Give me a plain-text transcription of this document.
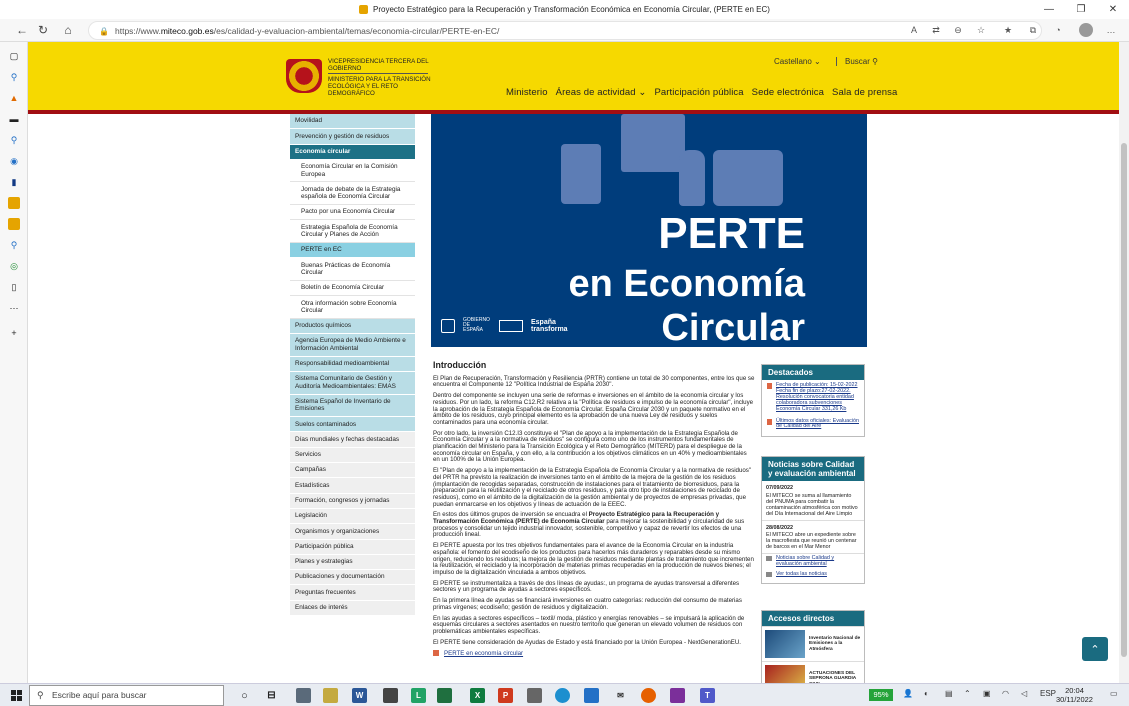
Proyecto Estratégico para la Recuperación y Transformación Económica en Economía Circular, (PERTE en EC)	—	❐	✕
← ↻	⌂	🔒 https://www.miteco.gob.es/es/calidad-y-evaluacion-ambiental/temas/economia-circular/PERTE-en-EC/	A	⇄ ⊖ ☆ ★	⧉	◔	…
▢
⚲
▲
▬
⚲
◉
▮
⚲
◎
▯
⋯
+
VICEPRESIDENCIA TERCERA DEL GOBIERNO
MINISTERIO PARA LA TRANSICIÓN ECOLÓGICA Y EL RETO DEMOGRÁFICO
Castellano ⌄	Buscar ⚲
Ministerio Áreas de actividad ⌄ Participación pública Sede electrónica Sala de prensa
Movilidad
Prevención y gestión de residuos
Economía circular
Economía Circular en la Comisión Europea
Jornada de debate de la Estrategia española de Economía Circular
Pacto por una Economía Circular
Estrategia Española de Economía Circular y Planes de Acción
PERTE en EC
Buenas Prácticas de Economía Circular
Boletín de Economía Circular
Otra información sobre Economía Circular
Productos químicos
Agencia Europea de Medio Ambiente e Información Ambiental
Responsabilidad medioambiental
Sistema Comunitario de Gestión y Auditoría Medioambientales: EMAS
Sistema Español de Inventario de Emisiones
Suelos contaminados
Días mundiales y fechas destacadas
Servicios
Campañas
Estadísticas
Formación, congresos y jornadas
Legislación
Organismos y organizaciones
Participación pública
Planes y estrategias
Publicaciones y documentación
Preguntas frecuentes
Enlaces de interés
PERTE
en Economía
Circular
GOBIERNO DE ESPAÑA
España transforma
Introducción

El Plan de Recuperación, Transformación y Resiliencia (PRTR) contiene un total de 30 componentes, entre los que se encuentra el Componente 12 "Política Industrial de España 2030".

Dentro del componente se incluyen una serie de reformas e inversiones en el ámbito de la economía circular y los residuos. Por un lado, la reforma C12.R2 relativa a la "Política de residuos e impulso de la economía circular", incluye la aprobación de la Estrategia Española de Economía Circular. España Circular 2030 y un paquete normativo en el ámbito de los residuos, cuyo principal elemento es la aprobación de una nueva Ley de residuos y suelos contaminados para una economía circular.

Por otro lado, la inversión C12.I3 constituye el "Plan de apoyo a la implementación de la Estrategia Española de Economía Circular y a la normativa de residuos" se configura como uno de los instrumentos fundamentales de planificación del Ministerio para la Transición Ecológica y el Reto Demográfico (MITERD) para el despliegue de la economía circular en España, y con ello, a la contribución a los objetivos climáticos en un 40% y medioambientales en un 100% de la Unión Europea.

El "Plan de apoyo a la implementación de la Estrategia Española de Economía Circular y a la normativa de residuos" del PRTR ha previsto la realización de inversiones tanto en el ámbito de la mejora de la gestión de los residuos (implantación de recogidas separadas, construcción de instalaciones para el tratamiento de biorresiduos, para la preparación para la reutilización y el reciclado de otros residuos, y para otro tipo de instalaciones de reciclado de residuos), como en el ámbito de la digitalización de la gestión ambiental y de proyectos de empresas privadas, que puedan enmarcarse en los objetivos y líneas de actuación de la EEEC.

En estos dos últimos grupos de inversión se encuadra el Proyecto Estratégico para la Recuperación y Transformación Económica (PERTE) de Economía Circular para mejorar la sostenibilidad y circularidad de sus procesos y consolidar un tejido industrial innovador, sostenible, competitivo y capaz de revertir los efectos de una producción lineal.

El PERTE apuesta por los tres objetivos fundamentales para el avance de la Economía Circular en la industria española: el fomento del ecodiseño de los productos para hacerlos más duraderos y reparables desde su mismo origen, reduciendo los residuos; la mejora de la gestión de residuos mediante plantas de tratamiento que incrementen la reutilización, el reciclado y la incorporación de materias primas recuperadas en la producción de nuevos bienes; el impulso de la digitalización vinculada a ambos objetivos.

El PERTE se instrumentaliza a través de dos líneas de ayudas:, un programa de ayudas transversal a diferentes sectores y un programa de ayudas a sectores específicos.

En la primera línea de ayudas se financiará inversiones en cuatro categorías: reducción del consumo de materias primas vírgenes; ecodiseño; gestión de residuos y digitalización.

En las ayudas a sectores específicos – textil/ moda, plástico y energías renovables – se impulsará la aplicación de esquemas circulares a sectores asentados en nuestro territorio que generan un elevado volumen de residuos con problemáticas ambientales específicas.

El PERTE tiene consideración de Ayudas de Estado y está financiado por la Unión Europea - NextGenerationEU.

PERTE en economía circular

Destacados
Fecha de publicación: 15-02-2022 Fecha fin de plazo:27-02-2022. Resolución convocatoria entidad colaboradora subvenciones Economía Circular 331,26 Kb
Últimos datos oficiales: Evaluación de Calidad del Aire
Noticias sobre Calidad y evaluación ambiental
07/09/2022
El MITECO se suma al llamamiento del PNUMA para combatir la contaminación atmosférica con motivo del Día Internacional del Aire Limpio
28/08/2022
El MITECO abre un expediente sobre la macrofiesta que reunió un centenar de barcos en el Mar Menor
Noticias sobre Calidad y evaluación ambiental
Ver todas las noticias
Accesos directos
Inventario Nacional de Emisiones a la Atmósfera
ACTUACIONES DEL SEPRONA GUARDIA
⌃
⚲ Escribe aquí para buscar	○	⊟	W	L	X	P	✉	T	95%	👤 ◐ ▤ ⌃ ▣ ◠ ◁ ESP	20:04
30/11/2022
▭
